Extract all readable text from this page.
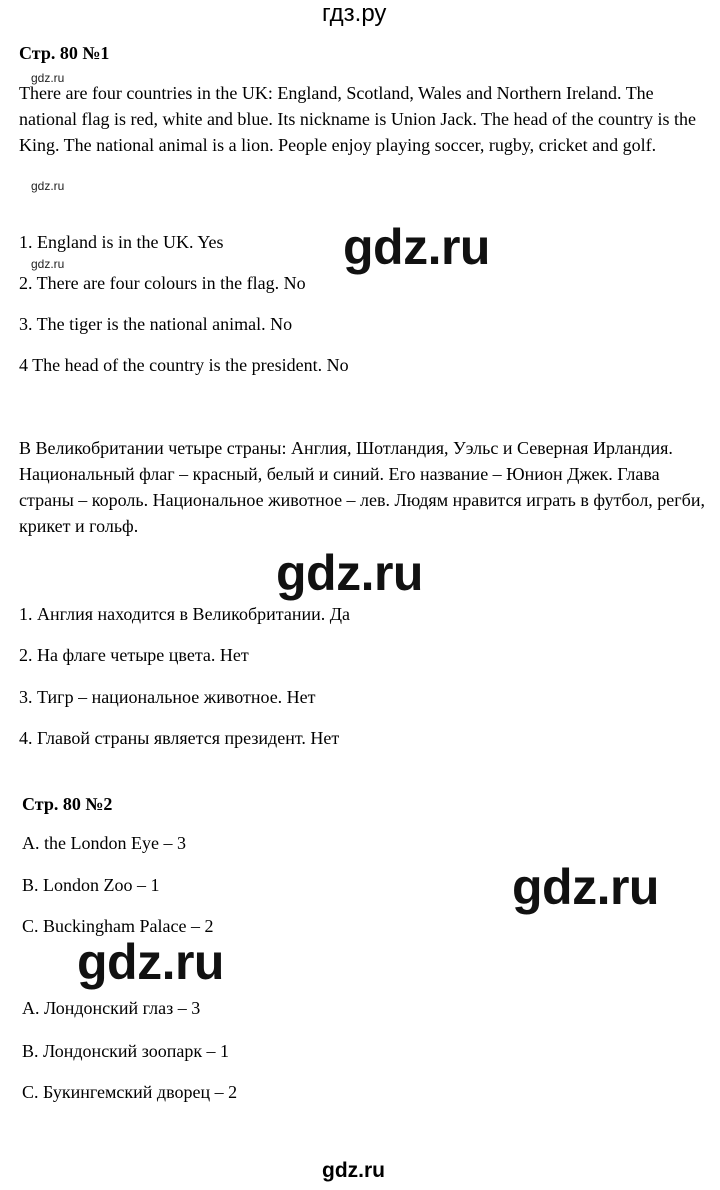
гдз.ру
Стр. 80 №1
There are four countries in the UK: England, Scotland, Wales and Northern Ireland. The national flag is red, white and blue. Its nickname is Union Jack. The head of the country is the King. The national animal is a lion. People enjoy playing soccer, rugby, cricket and golf.
1. England is in the UK. Yes
2. There are four colours in the flag. No
3. The tiger is the national animal. No
4 The head of the country is the president. No
В Великобритании четыре страны: Англия, Шотландия, Уэльс и Северная Ирландия. Национальный флаг – красный, белый и синий. Его название – Юнион Джек. Глава страны – король. Национальное животное – лев. Людям нравится играть в футбол, регби, крикет и гольф.
1. Англия находится в Великобритании. Да
2. На флаге четыре цвета. Нет
3. Тигр – национальное животное. Нет
4. Главой страны является президент. Нет
Стр. 80 №2
A. the London Eye – 3
B. London Zoo – 1
C. Buckingham Palace – 2
A. Лондонский глаз – 3
B. Лондонский зоопарк – 1
C. Букингемский дворец – 2
gdz.ru
gdz.ru
gdz.ru	gdz.ru
gdz.ru
gdz.ru
gdz.ru
gdz.ru
